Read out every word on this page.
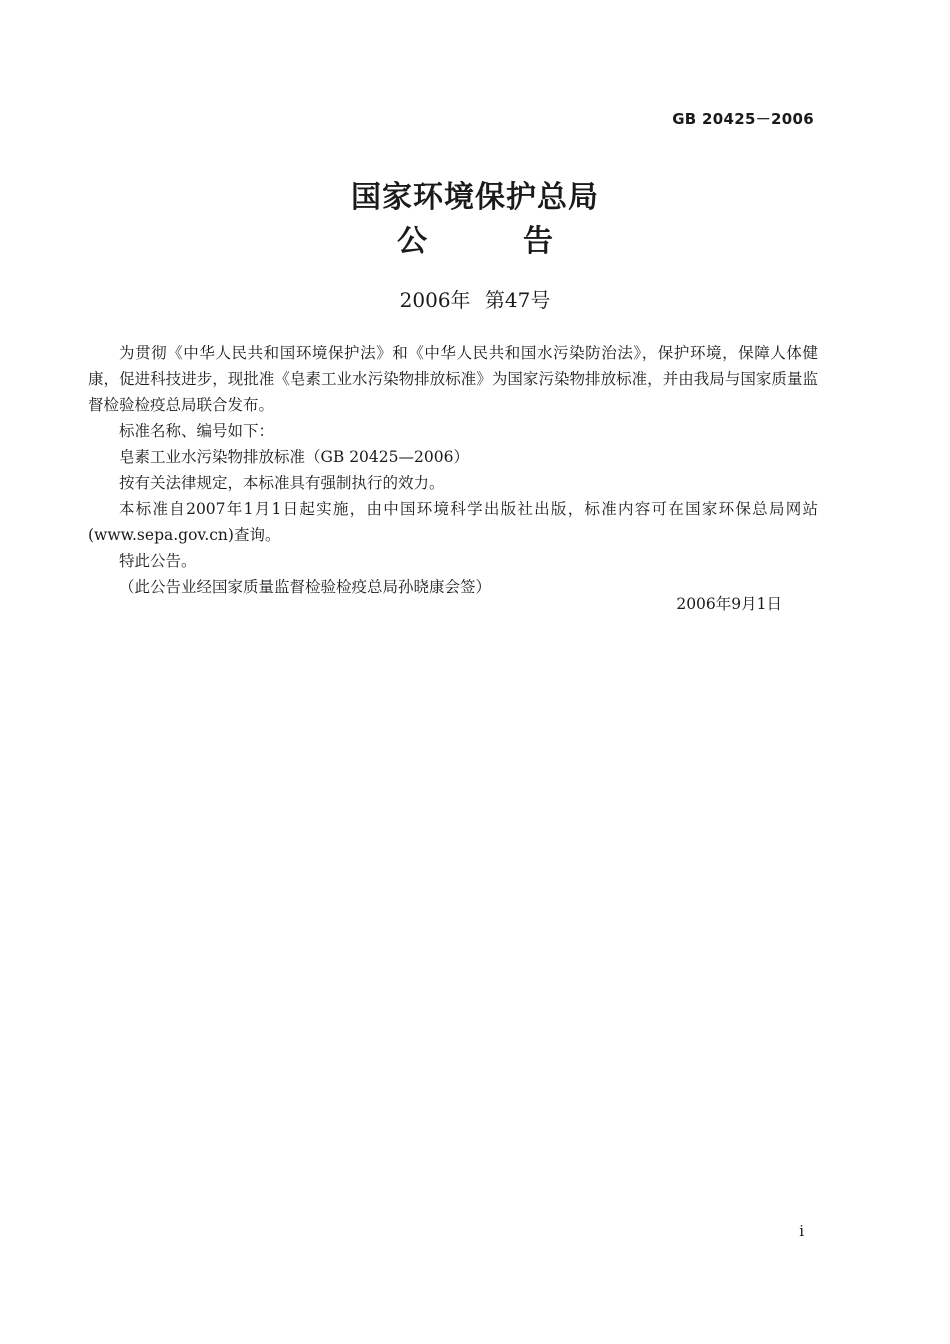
GB 20425－2006
国家环境保护总局
公告
2006年 第47号

为贯彻《中华人民共和国环境保护法》和《中华人民共和国水污染防治法》，保护环境，保障人体健康，促进科技进步，现批准《皂素工业水污染物排放标准》为国家污染物排放标准，并由我局与国家质量监督检验检疫总局联合发布。

标准名称、编号如下：

皂素工业水污染物排放标准（GB 20425—2006）

按有关法律规定，本标准具有强制执行的效力。

本标准自2007年1月1日起实施，由中国环境科学出版社出版，标准内容可在国家环保总局网站(www.sepa.gov.cn)查询。

特此公告。

（此公告业经国家质量监督检验检疫总局孙晓康会签）

2006年9月1日
i
